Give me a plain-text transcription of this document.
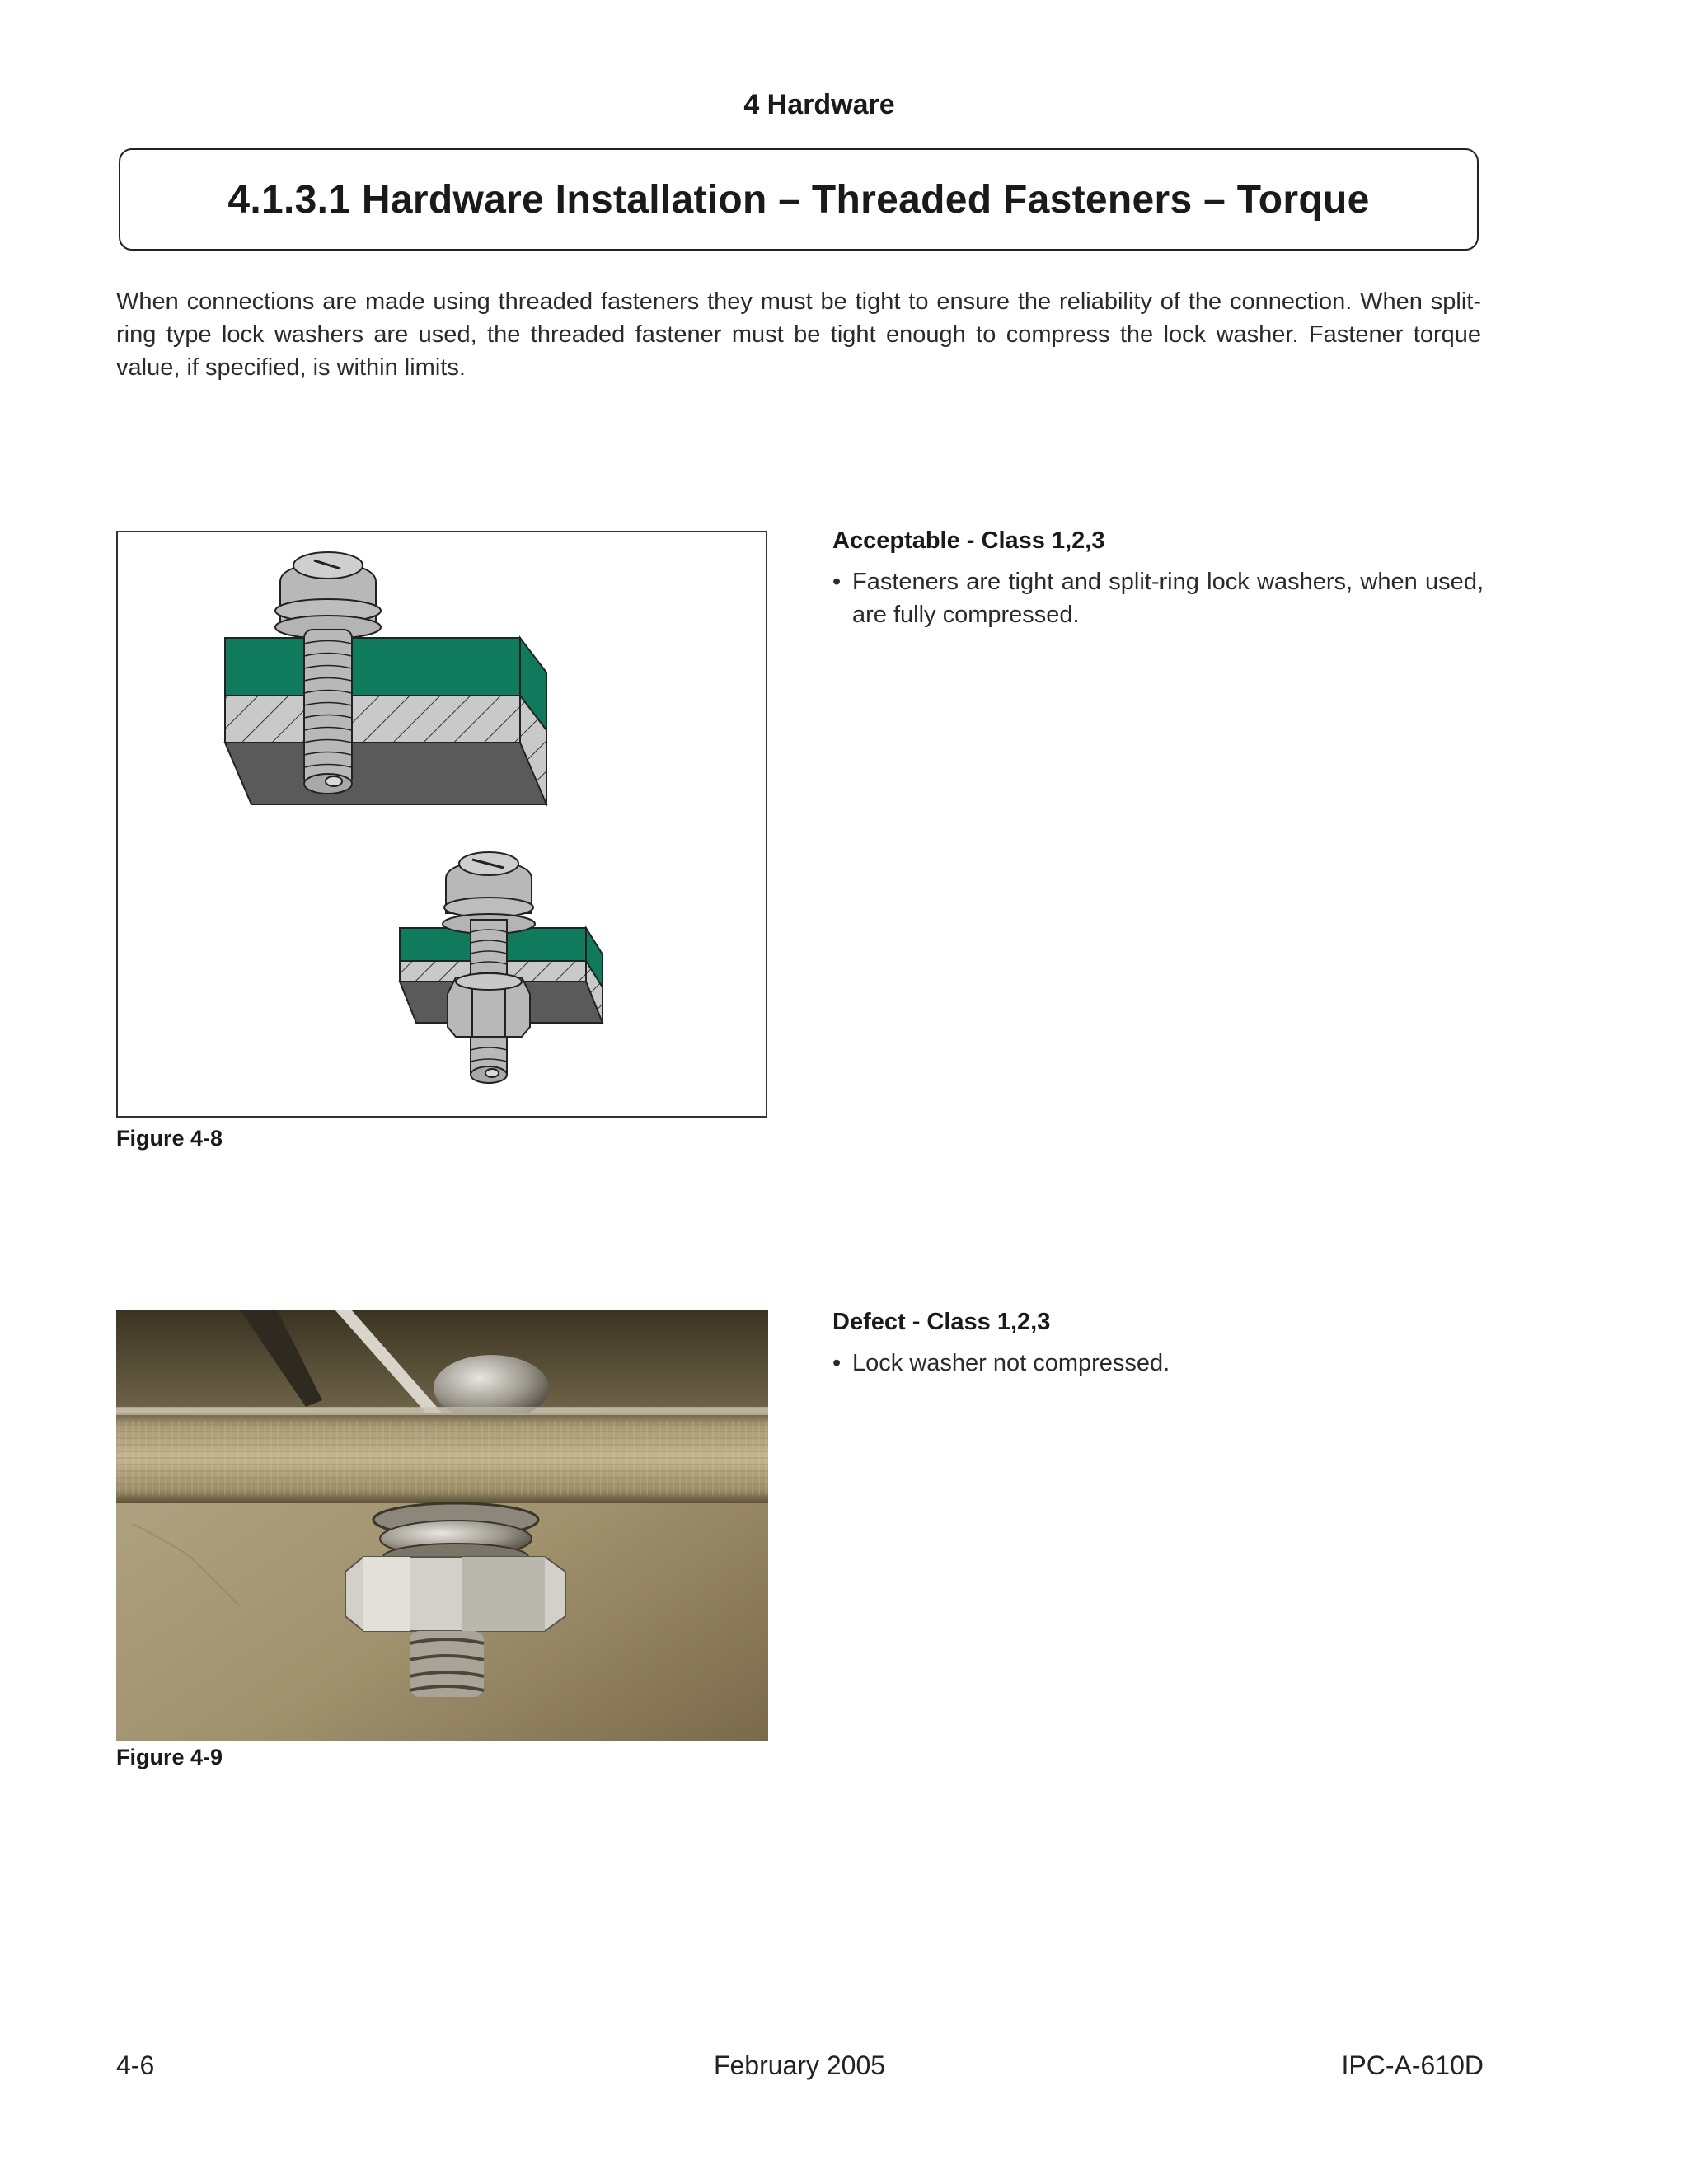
4 Hardware
4.1.3.1 Hardware Installation – Threaded Fasteners – Torque

When connections are made using threaded fasteners they must be tight to ensure the reliability of the connection. When split-ring type lock washers are used, the threaded fastener must be tight enough to compress the lock washer. Fastener torque value, if specified, is within limits.

Figure 4-8
Figure 4-9
Acceptable - Class 1,2,3
• Fasteners are tight and split-ring lock washers, when used, are fully compressed.
Defect - Class 1,2,3
• Lock washer not compressed.
4-6	February 2005	IPC-A-610D
